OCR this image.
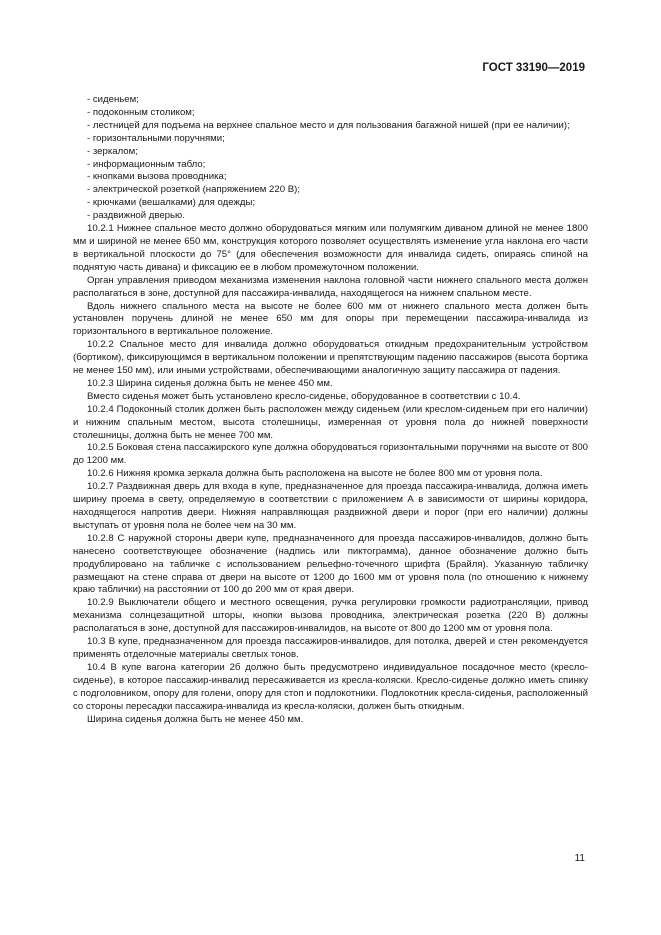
ГОСТ 33190—2019

- сиденьем;

- подоконным столиком;

- лестницей для подъема на верхнее спальное место и для пользования багажной нишей (при ее наличии);

- горизонтальными поручнями;

- зеркалом;

- информационным табло;

- кнопками вызова проводника;

- электрической розеткой (напряжением 220 В);

- крючками (вешалками) для одежды;

- раздвижной дверью.

10.2.1 Нижнее спальное место должно оборудоваться мягким или полумягким диваном длиной не менее 1800 мм и шириной не менее 650 мм, конструкция которого позволяет осуществлять изменение угла наклона его части в вертикальной плоскости до 75° (для обеспечения возможности для инвалида сидеть, опираясь спиной на поднятую часть дивана) и фиксацию ее в любом промежуточном положении.

Орган управления приводом механизма изменения наклона головной части нижнего спального места должен располагаться в зоне, доступной для пассажира-инвалида, находящегося на нижнем спальном месте.

Вдоль нижнего спального места на высоте не более 600 мм от нижнего спального места должен быть установлен поручень длиной не менее 650 мм для опоры при перемещении пассажира-инвалида из горизонтального в вертикальное положение.

10.2.2 Спальное место для инвалида должно оборудоваться откидным предохранительным устройством (бортиком), фиксирующимся в вертикальном положении и препятствующим падению пассажиров (высота бортика не менее 150 мм), или иными устройствами, обеспечивающими аналогичную защиту пассажира от падения.

10.2.3 Ширина сиденья должна быть не менее 450 мм.

Вместо сиденья может быть установлено кресло-сиденье, оборудованное в соответствии с 10.4.

10.2.4 Подоконный столик должен быть расположен между сиденьем (или креслом-сиденьем при его наличии) и нижним спальным местом, высота столешницы, измеренная от уровня пола до нижней поверхности столешницы, должна быть не менее 700 мм.

10.2.5 Боковая стена пассажирского купе должна оборудоваться горизонтальными поручнями на высоте от 800 до 1200 мм.

10.2.6 Нижняя кромка зеркала должна быть расположена на высоте не более 800 мм от уровня пола.

10.2.7 Раздвижная дверь для входа в купе, предназначенное для проезда пассажира-инвалида, должна иметь ширину проема в свету, определяемую в соответствии с приложением А в зависимости от ширины коридора, находящегося напротив двери. Нижняя направляющая раздвижной двери и порог (при его наличии) должны выступать от уровня пола не более чем на 30 мм.

10.2.8 С наружной стороны двери купе, предназначенного для проезда пассажиров-инвалидов, должно быть нанесено соответствующее обозначение (надпись или пиктограмма), данное обозначение должно быть продублировано на табличке с использованием рельефно-точечного шрифта (Брайля). Указанную табличку размещают на стене справа от двери на высоте от 1200 до 1600 мм от уровня пола (по отношению к нижнему краю таблички) на расстоянии от 100 до 200 мм от края двери.

10.2.9 Выключатели общего и местного освещения, ручка регулировки громкости радиотрансляции, привод механизма солнцезащитной шторы, кнопки вызова проводника, электрическая розетка (220 В) должны располагаться в зоне, доступной для пассажиров-инвалидов, на высоте от 800 до 1200 мм от уровня пола.

10.3 В купе, предназначенном для проезда пассажиров-инвалидов, для потолка, дверей и стен рекомендуется применять отделочные материалы светлых тонов.

10.4 В купе вагона категории 2б должно быть предусмотрено индивидуальное посадочное место (кресло-сиденье), в которое пассажир-инвалид пересаживается из кресла-коляски. Кресло-сиденье должно иметь спинку с подголовником, опору для голени, опору для стоп и подлокотники. Подлокотник кресла-сиденья, расположенный со стороны пересадки пассажира-инвалида из кресла-коляски, должен быть откидным.

Ширина сиденья должна быть не менее 450 мм.

11
